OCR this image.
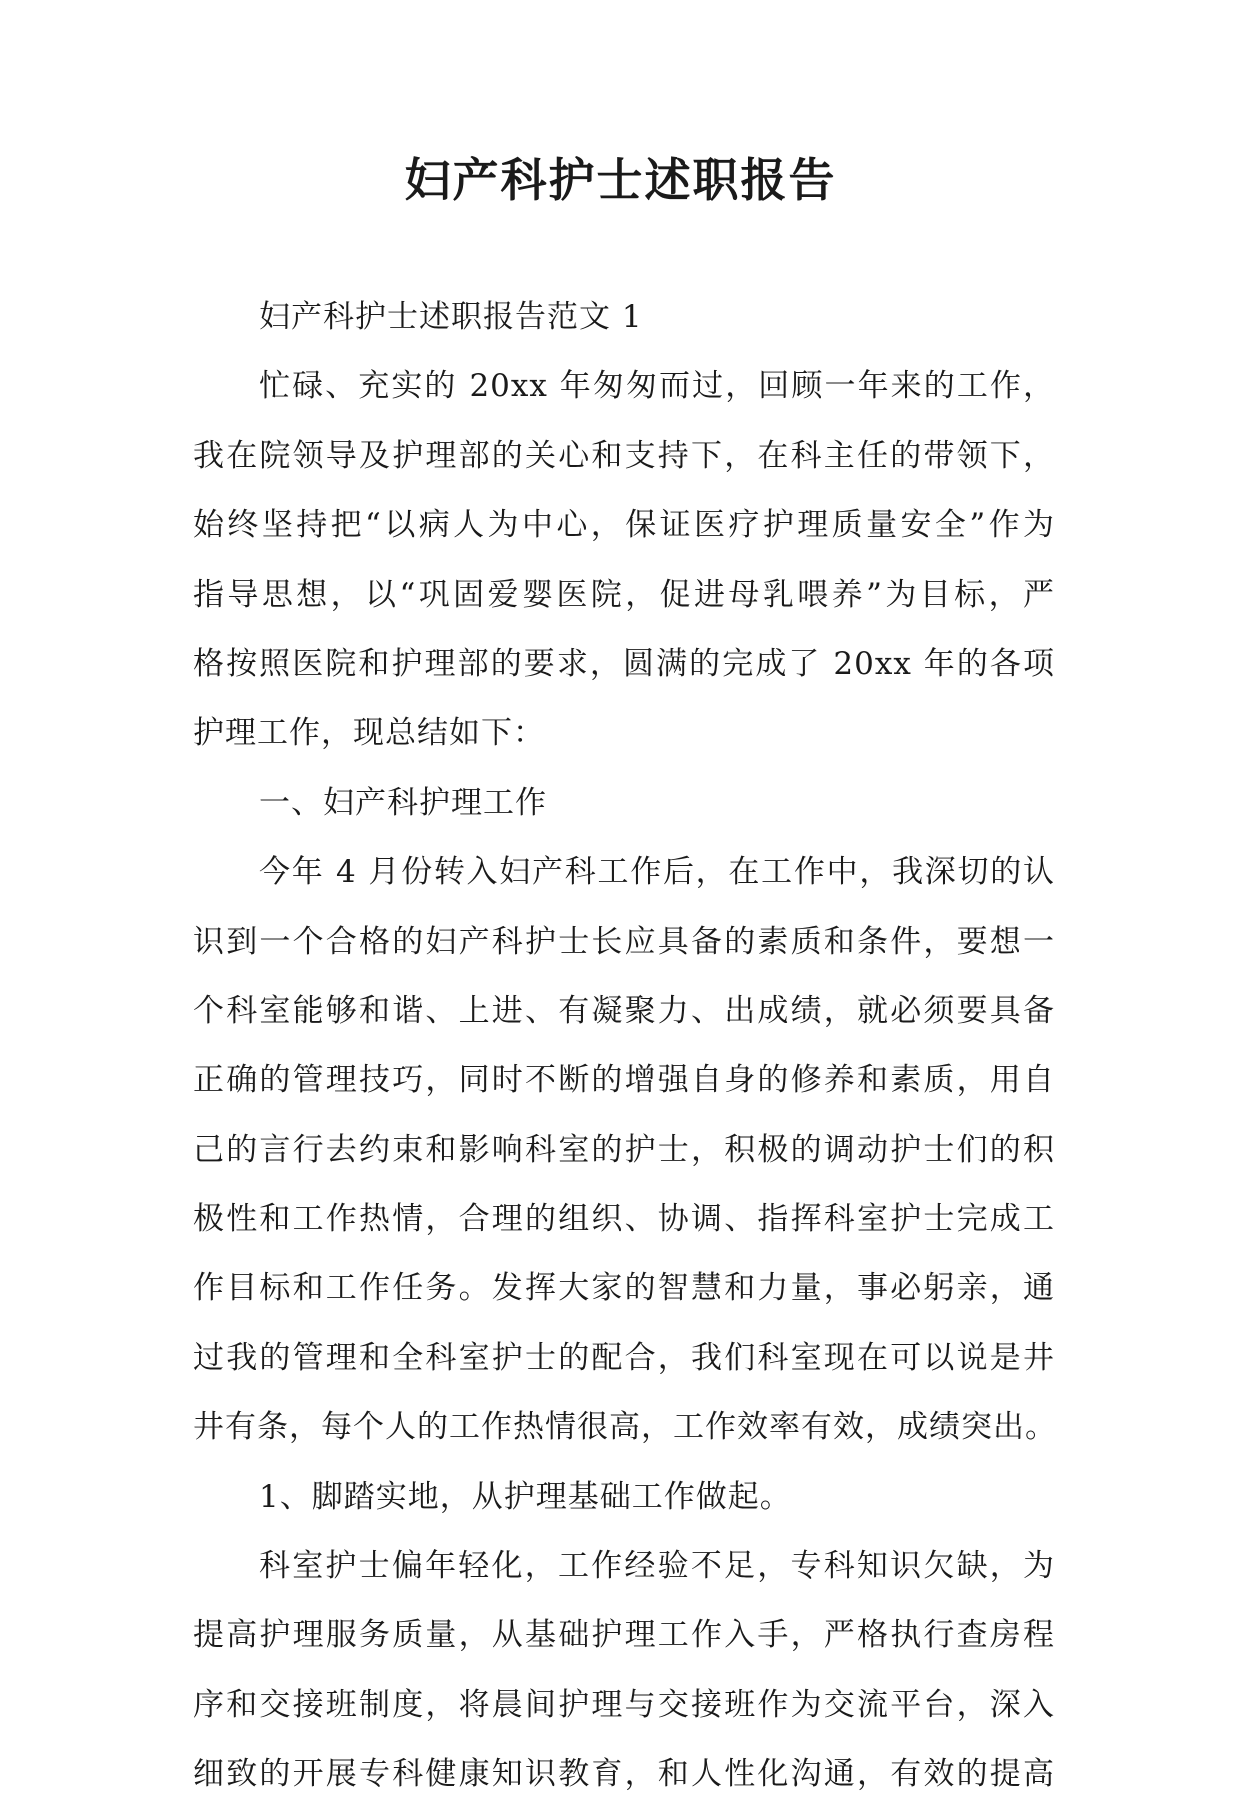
妇产科护士述职报告
妇产科护士述职报告范文 1
忙碌、充实的 20xx 年匆匆而过，回顾一年来的工作，
我在院领导及护理部的关心和支持下，在科主任的带领下，
始终坚持把“以病人为中心，保证医疗护理质量安全”作为
指导思想，以“巩固爱婴医院，促进母乳喂养”为目标，严
格按照医院和护理部的要求，圆满的完成了 20xx 年的各项
护理工作，现总结如下：
一、妇产科护理工作
今年 4 月份转入妇产科工作后，在工作中，我深切的认
识到一个合格的妇产科护士长应具备的素质和条件，要想一
个科室能够和谐、上进、有凝聚力、出成绩，就必须要具备
正确的管理技巧，同时不断的增强自身的修养和素质，用自
己的言行去约束和影响科室的护士，积极的调动护士们的积
极性和工作热情，合理的组织、协调、指挥科室护士完成工
作目标和工作任务。发挥大家的智慧和力量，事必躬亲，通
过我的管理和全科室护士的配合，我们科室现在可以说是井
井有条，每个人的工作热情很高，工作效率有效，成绩突出。
1、脚踏实地，从护理基础工作做起。
科室护士偏年轻化，工作经验不足，专科知识欠缺，为
提高护理服务质量，从基础护理工作入手，严格执行查房程
序和交接班制度，将晨间护理与交接班作为交流平台，深入
细致的开展专科健康知识教育，和人性化沟通，有效的提高
